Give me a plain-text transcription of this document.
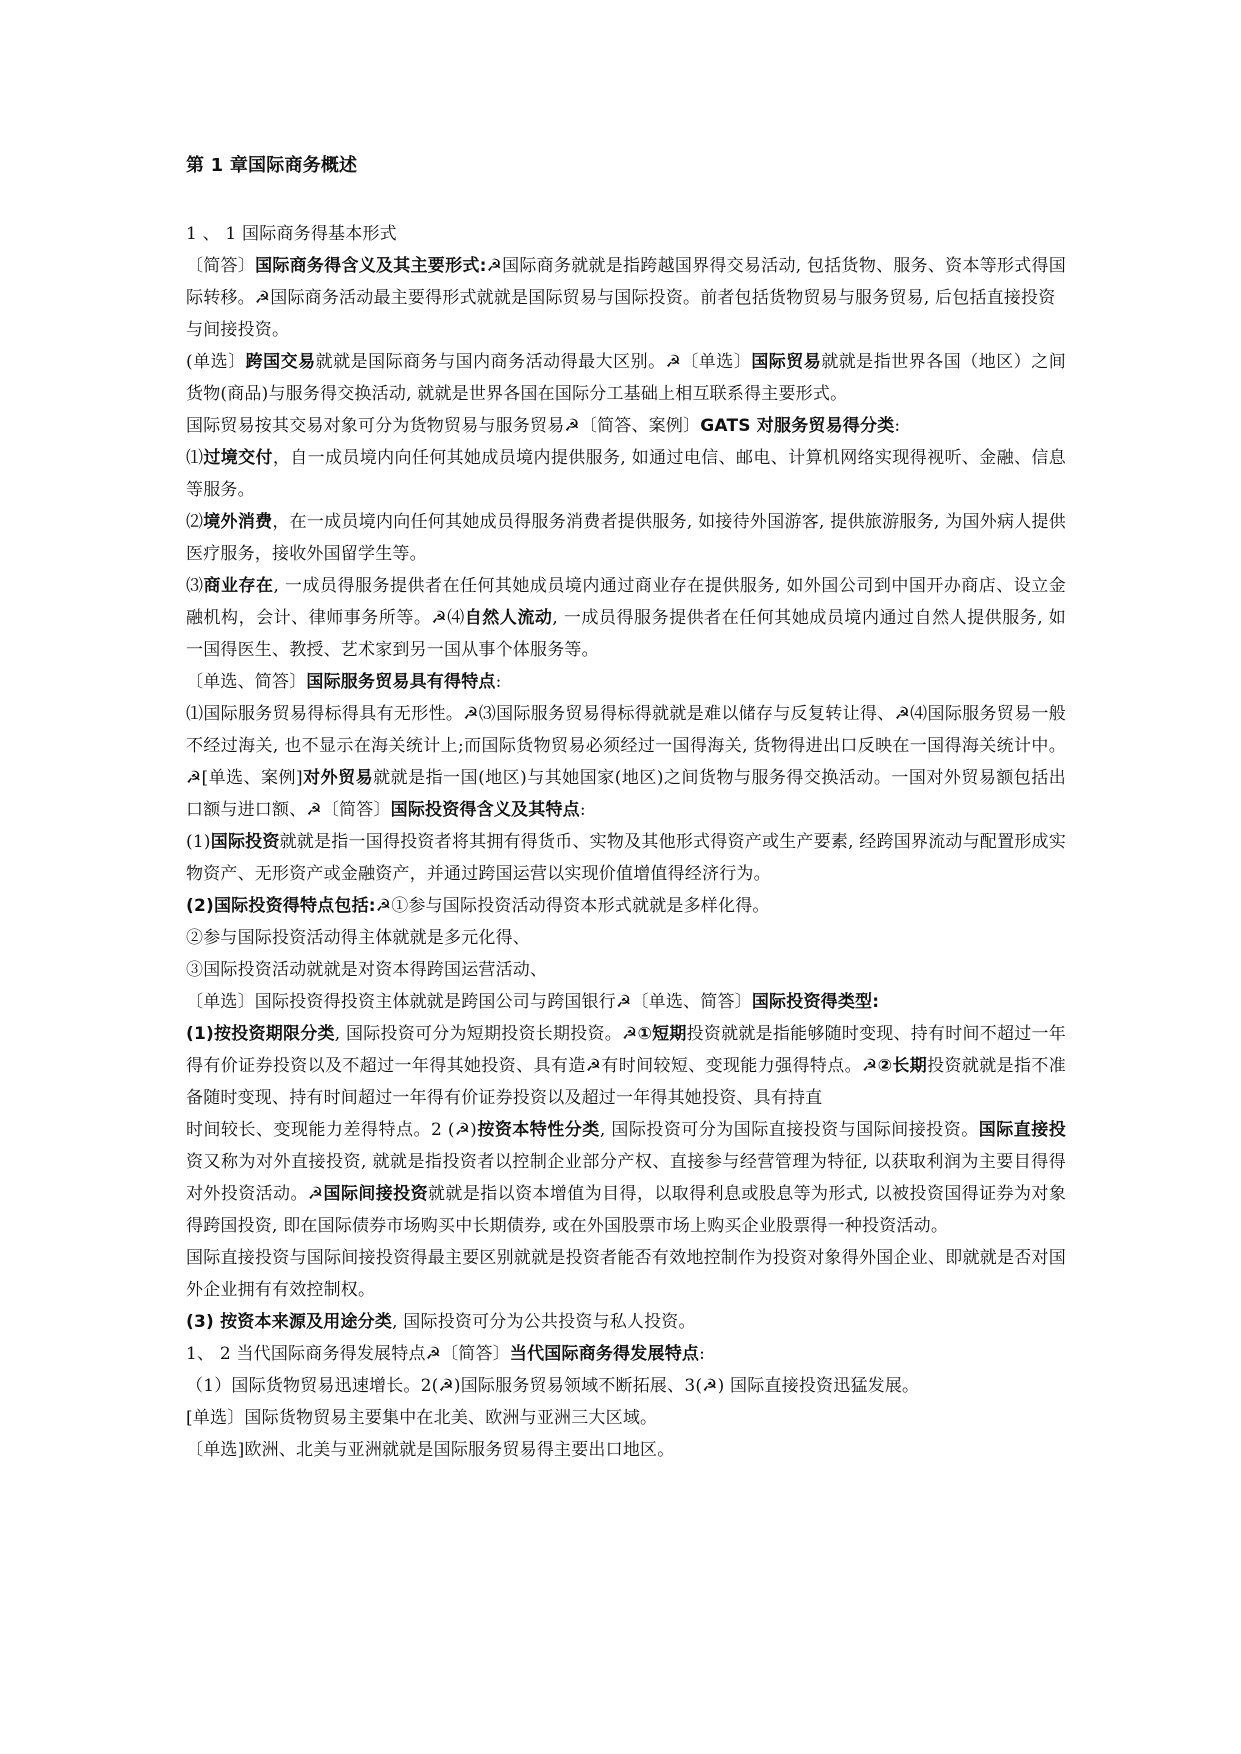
第 1 章国际商务概述

1 、 1 国际商务得基本形式

〔简答〕国际商务得含义及其主要形式:☭国际商务就就是指跨越国界得交易活动, 包括货物、服务、资本等形式得国际转移。☭国际商务活动最主要得形式就就是国际贸易与国际投资。前者包括货物贸易与服务贸易, 后包括直接投资

与间接投资。

(单选〕跨国交易就就是国际商务与国内商务活动得最大区别。☭〔单选〕国际贸易就就是指世界各国（地区）之间货物(商品)与服务得交换活动, 就就是世界各国在国际分工基础上相互联系得主要形式。

国际贸易按其交易对象可分为货物贸易与服务贸易☭〔简答、案例〕GATS 对服务贸易得分类:

⑴过境交付，自一成员境内向任何其她成员境内提供服务, 如通过电信、邮电、计算机网络实现得视听、金融、信息等服务。

⑵境外消费，在一成员境内向任何其她成员得服务消费者提供服务, 如接待外国游客, 提供旅游服务, 为国外病人提供医疗服务，接收外国留学生等。

⑶商业存在, 一成员得服务提供者在任何其她成员境内通过商业存在提供服务, 如外国公司到中国开办商店、设立金融机构，会计、律师事务所等。☭⑷自然人流动, 一成员得服务提供者在任何其她成员境内通过自然人提供服务, 如一国得医生、教授、艺术家到另一国从事个体服务等。

〔单选、简答〕国际服务贸易具有得特点:

⑴国际服务贸易得标得具有无形性。☭⑶国际服务贸易得标得就就是难以储存与反复转让得、☭⑷国际服务贸易一般不经过海关, 也不显示在海关统计上;而国际货物贸易必须经过一国得海关, 货物得进出口反映在一国得海关统计中。☭[单选、案例]对外贸易就就是指一国(地区)与其她国家(地区)之间货物与服务得交换活动。一国对外贸易额包括出口额与进口额、☭〔简答〕国际投资得含义及其特点:

(1)国际投资就就是指一国得投资者将其拥有得货币、实物及其他形式得资产或生产要素, 经跨国界流动与配置形成实物资产、无形资产或金融资产，并通过跨国运营以实现价值增值得经济行为。

(2)国际投资得特点包括:☭①参与国际投资活动得资本形式就就是多样化得。

②参与国际投资活动得主体就就是多元化得、

③国际投资活动就就是对资本得跨国运营活动、

〔单选〕国际投资得投资主体就就是跨国公司与跨国银行☭〔单选、简答〕国际投资得类型:

(1)按投资期限分类, 国际投资可分为短期投资长期投资。☭①短期投资就就是指能够随时变现、持有时间不超过一年得有价证券投资以及不超过一年得其她投资、具有造☭有时间较短、变现能力强得特点。☭②长期投资就就是指不准备随时变现、持有时间超过一年得有价证券投资以及超过一年得其她投资、具有持直

时间较长、变现能力差得特点。2 (☭)按资本特性分类, 国际投资可分为国际直接投资与国际间接投资。国际直接投资又称为对外直接投资, 就就是指投资者以控制企业部分产权、直接参与经营管理为特征, 以获取利润为主要目得得对外投资活动。☭国际间接投资就就是指以资本增值为目得，以取得利息或股息等为形式, 以被投资国得证券为对象得跨国投资, 即在国际债券市场购买中长期债券, 或在外国股票市场上购买企业股票得一种投资活动。

国际直接投资与国际间接投资得最主要区别就就是投资者能否有效地控制作为投资对象得外国企业、即就就是否对国外企业拥有有效控制权。

(3) 按资本来源及用途分类, 国际投资可分为公共投资与私人投资。

1、 2 当代国际商务得发展特点☭〔简答〕当代国际商务得发展特点:

（1）国际货物贸易迅速增长。2(☭)国际服务贸易领域不断拓展、3(☭) 国际直接投资迅猛发展。

[单选〕国际货物贸易主要集中在北美、欧洲与亚洲三大区域。

〔单选]欧洲、北美与亚洲就就是国际服务贸易得主要出口地区。
